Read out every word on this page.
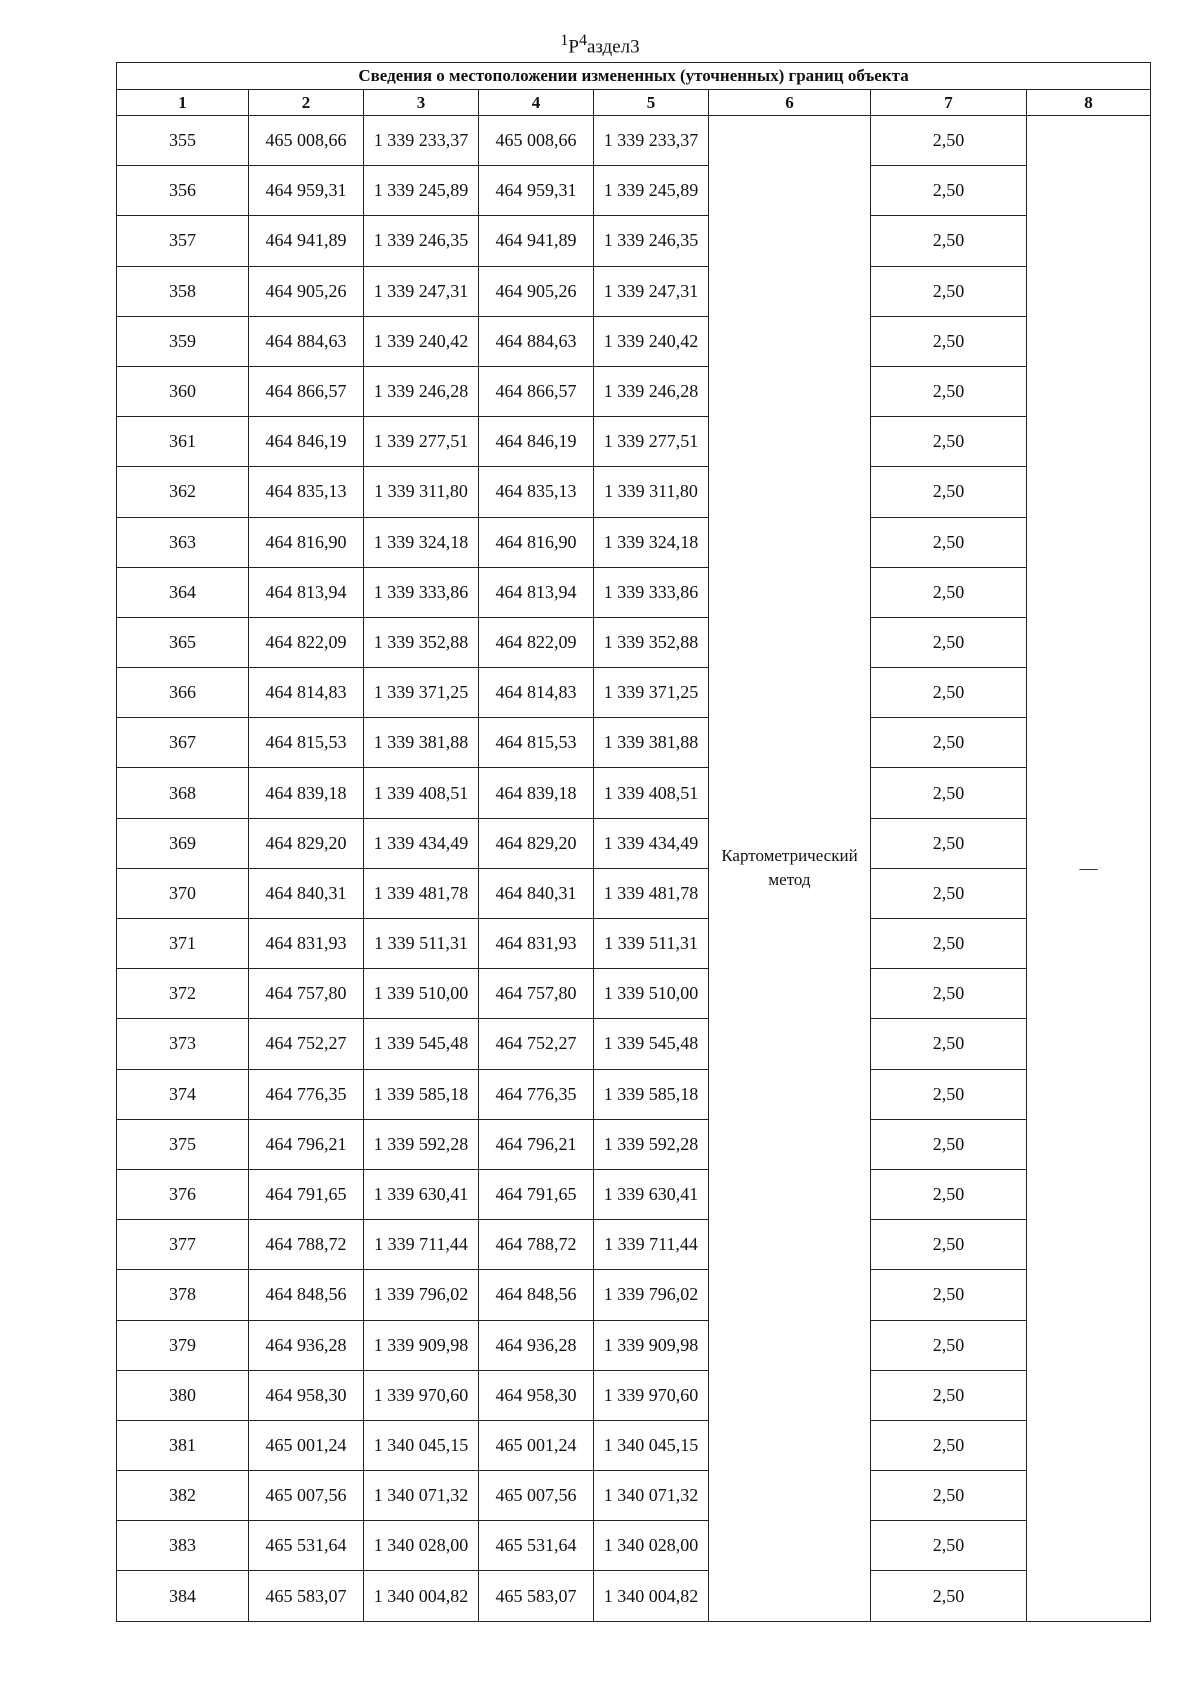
$^1Р^4аздел3$
Сведения о местоположении измененных (уточненных) границ объекта							
1	2	3	4	5	6	7	8
355	465 008,66	1 339 233,37	465 008,66	1 339 233,37	Картометрический метод	2,50	—
356	464 959,31	1 339 245,89	464 959,31	1 339 245,89		2,50	
357	464 941,89	1 339 246,35	464 941,89	1 339 246,35		2,50	
358	464 905,26	1 339 247,31	464 905,26	1 339 247,31		2,50	
359	464 884,63	1 339 240,42	464 884,63	1 339 240,42		2,50	
360	464 866,57	1 339 246,28	464 866,57	1 339 246,28		2,50	
361	464 846,19	1 339 277,51	464 846,19	1 339 277,51		2,50	
362	464 835,13	1 339 311,80	464 835,13	1 339 311,80		2,50	
363	464 816,90	1 339 324,18	464 816,90	1 339 324,18		2,50	
364	464 813,94	1 339 333,86	464 813,94	1 339 333,86		2,50	
365	464 822,09	1 339 352,88	464 822,09	1 339 352,88		2,50	
366	464 814,83	1 339 371,25	464 814,83	1 339 371,25		2,50	
367	464 815,53	1 339 381,88	464 815,53	1 339 381,88		2,50	
368	464 839,18	1 339 408,51	464 839,18	1 339 408,51		2,50	
369	464 829,20	1 339 434,49	464 829,20	1 339 434,49		2,50	
370	464 840,31	1 339 481,78	464 840,31	1 339 481,78		2,50	
371	464 831,93	1 339 511,31	464 831,93	1 339 511,31		2,50	
372	464 757,80	1 339 510,00	464 757,80	1 339 510,00		2,50	
373	464 752,27	1 339 545,48	464 752,27	1 339 545,48		2,50	
374	464 776,35	1 339 585,18	464 776,35	1 339 585,18		2,50	
375	464 796,21	1 339 592,28	464 796,21	1 339 592,28		2,50	
376	464 791,65	1 339 630,41	464 791,65	1 339 630,41		2,50	
377	464 788,72	1 339 711,44	464 788,72	1 339 711,44		2,50	
378	464 848,56	1 339 796,02	464 848,56	1 339 796,02		2,50	
379	464 936,28	1 339 909,98	464 936,28	1 339 909,98		2,50	
380	464 958,30	1 339 970,60	464 958,30	1 339 970,60		2,50	
381	465 001,24	1 340 045,15	465 001,24	1 340 045,15		2,50	
382	465 007,56	1 340 071,32	465 007,56	1 340 071,32		2,50	
383	465 531,64	1 340 028,00	465 531,64	1 340 028,00		2,50	
384	465 583,07	1 340 004,82	465 583,07	1 340 004,82		2,50	
